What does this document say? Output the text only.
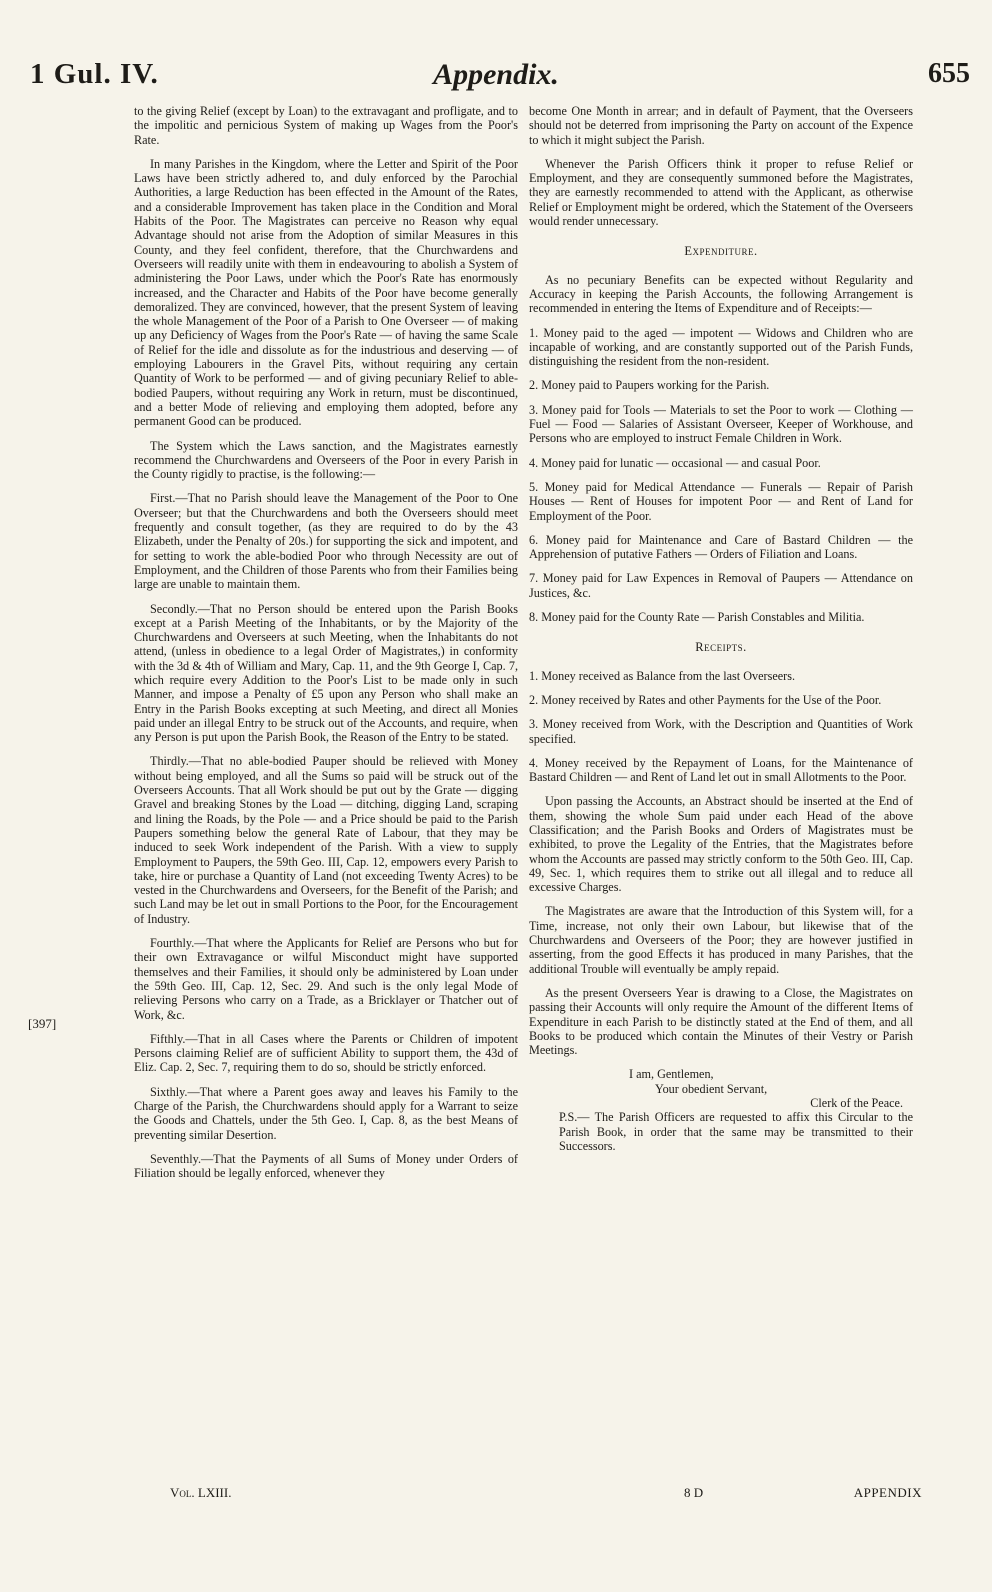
1 Gul. IV.	Appendix.	655
[397]

to the giving Relief (except by Loan) to the extravagant and profligate, and to the impolitic and pernicious System of making up Wages from the Poor's Rate.

In many Parishes in the Kingdom, where the Letter and Spirit of the Poor Laws have been strictly adhered to, and duly enforced by the Parochial Authorities, a large Reduction has been effected in the Amount of the Rates, and a considerable Improvement has taken place in the Condition and Moral Habits of the Poor. The Magistrates can perceive no Reason why equal Advantage should not arise from the Adoption of similar Measures in this County, and they feel confident, therefore, that the Churchwardens and Overseers will readily unite with them in endeavouring to abolish a System of administering the Poor Laws, under which the Poor's Rate has enormously increased, and the Character and Habits of the Poor have become generally demoralized. They are convinced, however, that the present System of leaving the whole Management of the Poor of a Parish to One Overseer — of making up any Deficiency of Wages from the Poor's Rate — of having the same Scale of Relief for the idle and dissolute as for the industrious and deserving — of employing Labourers in the Gravel Pits, without requiring any certain Quantity of Work to be performed — and of giving pecuniary Relief to able-bodied Paupers, without requiring any Work in return, must be discontinued, and a better Mode of relieving and employing them adopted, before any permanent Good can be produced.

The System which the Laws sanction, and the Magistrates earnestly recommend the Churchwardens and Overseers of the Poor in every Parish in the County rigidly to practise, is the following:—

First.—That no Parish should leave the Management of the Poor to One Overseer; but that the Churchwardens and both the Overseers should meet frequently and consult together, (as they are required to do by the 43 Elizabeth, under the Penalty of 20s.) for supporting the sick and impotent, and for setting to work the able-bodied Poor who through Necessity are out of Employment, and the Children of those Parents who from their Families being large are unable to maintain them.

Secondly.—That no Person should be entered upon the Parish Books except at a Parish Meeting of the Inhabitants, or by the Majority of the Churchwardens and Overseers at such Meeting, when the Inhabitants do not attend, (unless in obedience to a legal Order of Magistrates,) in conformity with the 3d & 4th of William and Mary, Cap. 11, and the 9th George I, Cap. 7, which require every Addition to the Poor's List to be made only in such Manner, and impose a Penalty of £5 upon any Person who shall make an Entry in the Parish Books excepting at such Meeting, and direct all Monies paid under an illegal Entry to be struck out of the Accounts, and require, when any Person is put upon the Parish Book, the Reason of the Entry to be stated.

Thirdly.—That no able-bodied Pauper should be relieved with Money without being employed, and all the Sums so paid will be struck out of the Overseers Accounts. That all Work should be put out by the Grate — digging Gravel and breaking Stones by the Load — ditching, digging Land, scraping and lining the Roads, by the Pole — and a Price should be paid to the Parish Paupers something below the general Rate of Labour, that they may be induced to seek Work independent of the Parish. With a view to supply Employment to Paupers, the 59th Geo. III, Cap. 12, empowers every Parish to take, hire or purchase a Quantity of Land (not exceeding Twenty Acres) to be vested in the Churchwardens and Overseers, for the Benefit of the Parish; and such Land may be let out in small Portions to the Poor, for the Encouragement of Industry.

Fourthly.—That where the Applicants for Relief are Persons who but for their own Extravagance or wilful Misconduct might have supported themselves and their Families, it should only be administered by Loan under the 59th Geo. III, Cap. 12, Sec. 29. And such is the only legal Mode of relieving Persons who carry on a Trade, as a Bricklayer or Thatcher out of Work, &c.

Fifthly.—That in all Cases where the Parents or Children of impotent Persons claiming Relief are of sufficient Ability to support them, the 43d of Eliz. Cap. 2, Sec. 7, requiring them to do so, should be strictly enforced.

Sixthly.—That where a Parent goes away and leaves his Family to the Charge of the Parish, the Churchwardens should apply for a Warrant to seize the Goods and Chattels, under the 5th Geo. I, Cap. 8, as the best Means of preventing similar Desertion.

Seventhly.—That the Payments of all Sums of Money under Orders of Filiation should be legally enforced, whenever they

become One Month in arrear; and in default of Payment, that the Overseers should not be deterred from imprisoning the Party on account of the Expence to which it might subject the Parish.

Whenever the Parish Officers think it proper to refuse Relief or Employment, and they are consequently summoned before the Magistrates, they are earnestly recommended to attend with the Applicant, as otherwise Relief or Employment might be ordered, which the Statement of the Overseers would render unnecessary.

Expenditure.

As no pecuniary Benefits can be expected without Regularity and Accuracy in keeping the Parish Accounts, the following Arrangement is recommended in entering the Items of Expenditure and of Receipts:—

1. Money paid to the aged — impotent — Widows and Children who are incapable of working, and are constantly supported out of the Parish Funds, distinguishing the resident from the non-resident.

2. Money paid to Paupers working for the Parish.

3. Money paid for Tools — Materials to set the Poor to work — Clothing — Fuel — Food — Salaries of Assistant Overseer, Keeper of Workhouse, and Persons who are employed to instruct Female Children in Work.

4. Money paid for lunatic — occasional — and casual Poor.

5. Money paid for Medical Attendance — Funerals — Repair of Parish Houses — Rent of Houses for impotent Poor — and Rent of Land for Employment of the Poor.

6. Money paid for Maintenance and Care of Bastard Children — the Apprehension of putative Fathers — Orders of Filiation and Loans.

7. Money paid for Law Expences in Removal of Paupers — Attendance on Justices, &c.

8. Money paid for the County Rate — Parish Constables and Militia.

Receipts.

1. Money received as Balance from the last Overseers.

2. Money received by Rates and other Payments for the Use of the Poor.

3. Money received from Work, with the Description and Quantities of Work specified.

4. Money received by the Repayment of Loans, for the Maintenance of Bastard Children — and Rent of Land let out in small Allotments to the Poor.

Upon passing the Accounts, an Abstract should be inserted at the End of them, showing the whole Sum paid under each Head of the above Classification; and the Parish Books and Orders of Magistrates must be exhibited, to prove the Legality of the Entries, that the Magistrates before whom the Accounts are passed may strictly conform to the 50th Geo. III, Cap. 49, Sec. 1, which requires them to strike out all illegal and to reduce all excessive Charges.

The Magistrates are aware that the Introduction of this System will, for a Time, increase, not only their own Labour, but likewise that of the Churchwardens and Overseers of the Poor; they are however justified in asserting, from the good Effects it has produced in many Parishes, that the additional Trouble will eventually be amply repaid.

As the present Overseers Year is drawing to a Close, the Magistrates on passing their Accounts will only require the Amount of the different Items of Expenditure in each Parish to be distinctly stated at the End of them, and all Books to be produced which contain the Minutes of their Vestry or Parish Meetings.

I am, Gentlemen,
Your obedient Servant,
Clerk of the Peace.

P.S.— The Parish Officers are requested to affix this Circular to the Parish Book, in order that the same may be transmitted to their Successors.

Vol. LXIII.	8 D	APPENDIX
